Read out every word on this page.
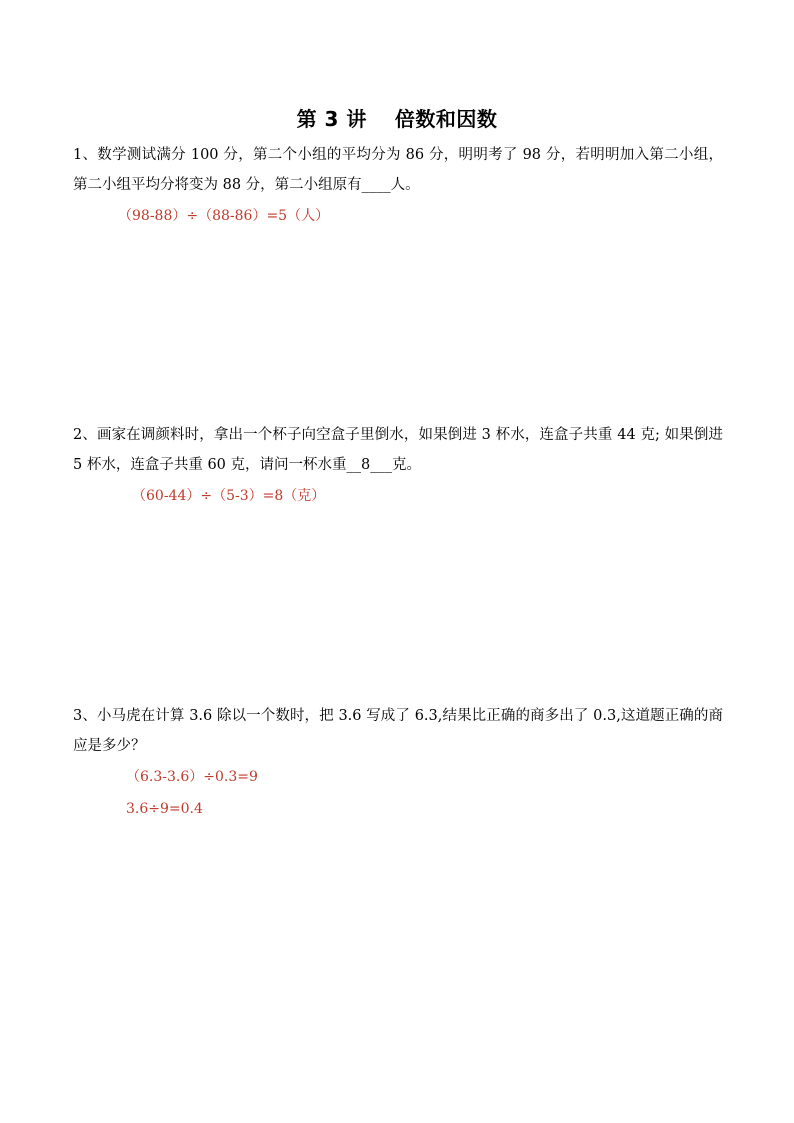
第 3 讲　 倍数和因数
1、数学测试满分 100 分，第二个小组的平均分为 86 分，明明考了 98 分，若明明加入第二小组，第二小组平均分将变为 88 分，第二小组原有____人。
（98-88）÷（88-86）=5（人）
2、画家在调颜料时，拿出一个杯子向空盒子里倒水，如果倒进 3 杯水，连盒子共重 44 克; 如果倒进 5 杯水，连盒子共重 60 克，请问一杯水重__8___克。
（60-44）÷（5-3）=8（克）
3、小马虎在计算 3.6 除以一个数时，把 3.6 写成了 6.3,结果比正确的商多出了 0.3,这道题正确的商应是多少？
（6.3-3.6）÷0.3=9
3.6÷9=0.4
